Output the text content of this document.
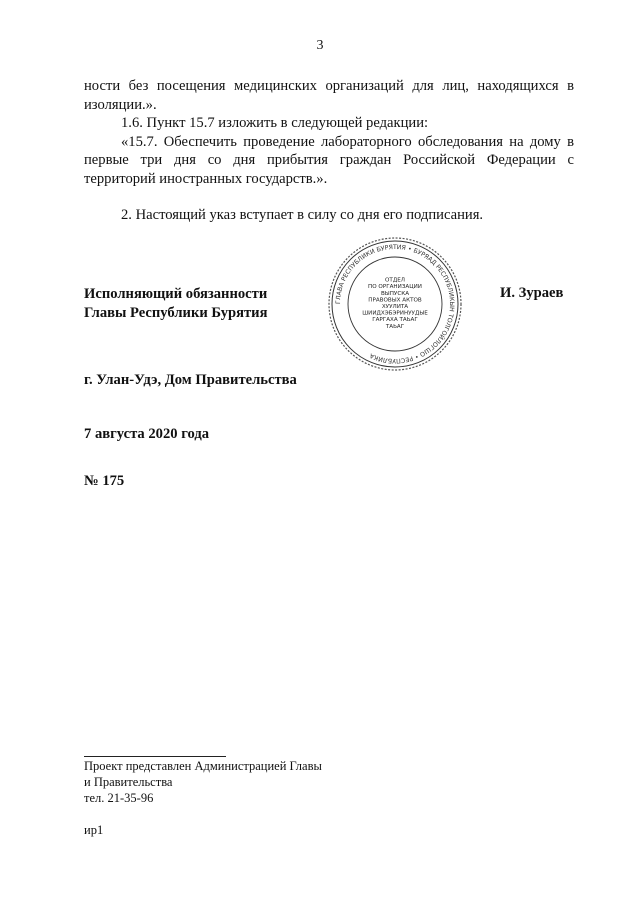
3

ности без посещения медицинских организаций для лиц, находящихся в изоляции.».

1.6. Пункт 15.7 изложить в следующей редакции:

«15.7. Обеспечить проведение лабораторного обследования на дому в первые три дня со дня прибытия граждан Российской Федерации с территорий иностранных государств.».

2. Настоящий указ вступает в силу со дня его подписания.

Исполняющий обязанности
Главы Республики Бурятия
И. Зураев
ГЛАВА РЕСПУБЛИКИ БУРЯТИЯ • БУРЯАД РЕСПУБЛИКЫН ТОЛГОЙЛОГШО • РЕСПУБЛИКА
ОТДЕЛ
ПО ОРГАНИЗАЦИИ
ВЫПУСКА
ПРАВОВЫХ АКТОВ
ХУУЛИТА
ШИИДХЭБЭРИНУУДЫЕ
ГАРГАХА ТАЬАГ
ТАЬАГ
г. Улан-Удэ, Дом Правительства
7 августа 2020 года
№ 175
Проект представлен Администрацией Главы
и Правительства
тел. 21-35-96
ир1
